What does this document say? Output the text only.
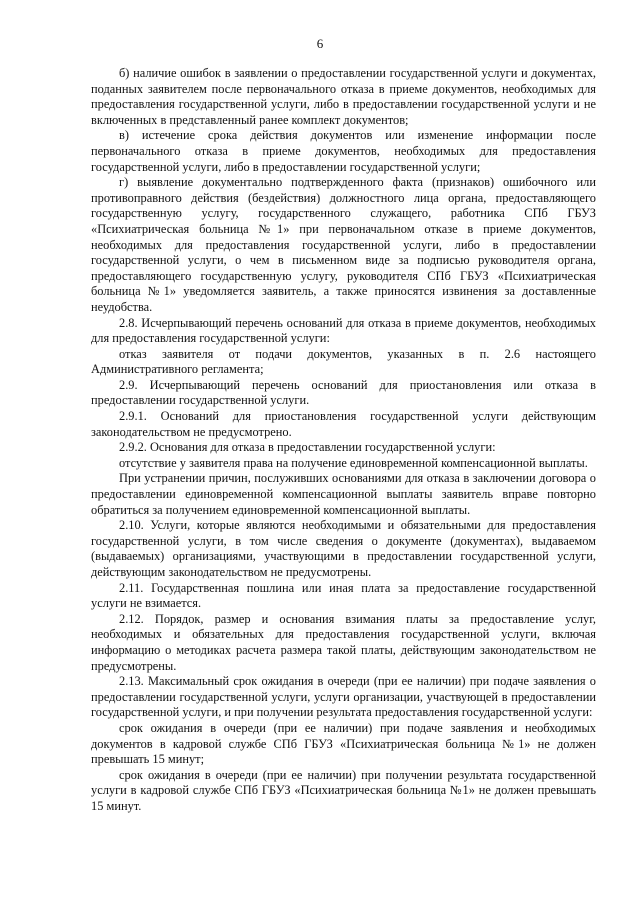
6

б) наличие ошибок в заявлении о предоставлении государственной услуги и документах, поданных заявителем после первоначального отказа в приеме документов, необходимых для предоставления государственной услуги, либо в предоставлении государственной услуги и не включенных в представленный ранее комплект документов;

в) истечение срока действия документов или изменение информации после первоначального отказа в приеме документов, необходимых для предоставления государственной услуги, либо в предоставлении государственной услуги;

г) выявление документально подтвержденного факта (признаков) ошибочного или противоправного действия (бездействия) должностного лица органа, предоставляющего государственную услугу, государственного служащего, работника СПб ГБУЗ «Психиатрическая больница №1» при первоначальном отказе в приеме документов, необходимых для предоставления государственной услуги, либо в предоставлении государственной услуги, о чем в письменном виде за подписью руководителя органа, предоставляющего государственную услугу, руководителя СПб ГБУЗ «Психиатрическая больница №1» уведомляется заявитель, а также приносятся извинения за доставленные неудобства.

2.8. Исчерпывающий перечень оснований для отказа в приеме документов, необходимых для предоставления государственной услуги:

отказ заявителя от подачи документов, указанных в п. 2.6 настоящего Административного регламента;

2.9. Исчерпывающий перечень оснований для приостановления или отказа в предоставлении государственной услуги.

2.9.1. Оснований для приостановления государственной услуги действующим законодательством не предусмотрено.

2.9.2. Основания для отказа в предоставлении государственной услуги:

отсутствие у заявителя права на получение единовременной компенсационной выплаты.

При устранении причин, послуживших основаниями для отказа в заключении договора о предоставлении единовременной компенсационной выплаты заявитель вправе повторно обратиться за получением единовременной компенсационной выплаты.

2.10. Услуги, которые являются необходимыми и обязательными для предоставления государственной услуги, в том числе сведения о документе (документах), выдаваемом (выдаваемых) организациями, участвующими в предоставлении государственной услуги, действующим законодательством не предусмотрены.

2.11. Государственная пошлина или иная плата за предоставление государственной услуги не взимается.

2.12. Порядок, размер и основания взимания платы за предоставление услуг, необходимых и обязательных для предоставления государственной услуги, включая информацию о методиках расчета размера такой платы, действующим законодательством не предусмотрены.

2.13. Максимальный срок ожидания в очереди (при ее наличии) при подаче заявления о предоставлении государственной услуги, услуги организации, участвующей в предоставлении государственной услуги, и при получении результата предоставления государственной услуги:

срок ожидания в очереди (при ее наличии) при подаче заявления и необходимых документов в кадровой службе СПб ГБУЗ «Психиатрическая больница №1» не должен превышать 15 минут;

срок ожидания в очереди (при ее наличии) при получении результата государственной услуги в кадровой службе СПб ГБУЗ «Психиатрическая больница №1» не должен превышать 15 минут.
